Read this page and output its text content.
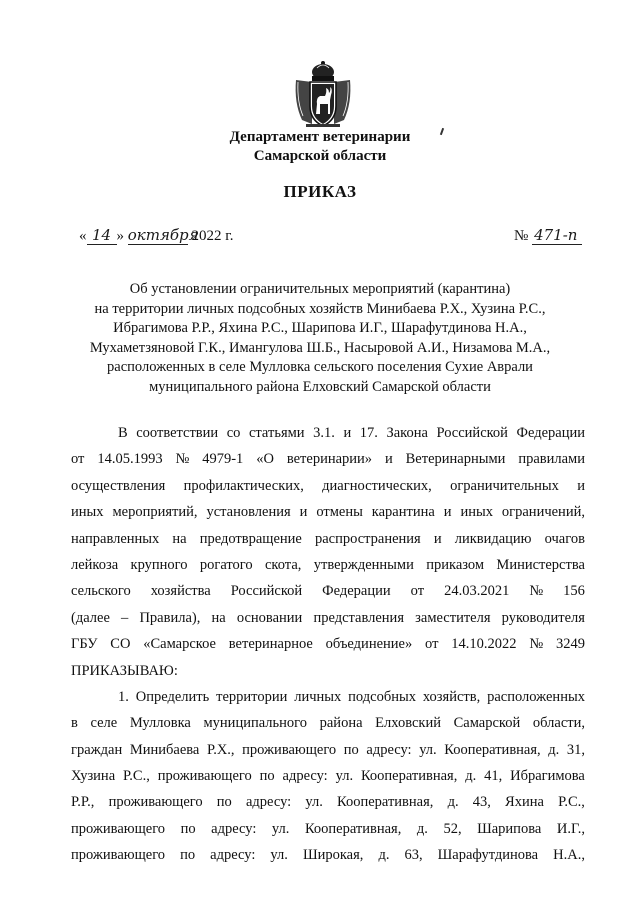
Департамент ветеринарии
Самарской области
ПРИКАЗ
« 14 » октября 2022 г.	№ 471-п
Об установлении ограничительных мероприятий (карантина)
на территории личных подсобных хозяйств Минибаева Р.Х., Хузина Р.С.,
Ибрагимова Р.Р., Яхина Р.С., Шарипова И.Г., Шарафутдинова Н.А.,
Мухаметзяновой Г.К., Имангулова Ш.Б., Насыровой А.И., Низамова М.А.,
расположенных в селе Мулловка сельского поселения Сухие Аврали
муниципального района Елховский Самарской области
В соответствии со статьями 3.1. и 17. Закона Российской Федерации
от 14.05.1993 № 4979-1 «О ветеринарии» и Ветеринарными правилами
осуществления профилактических, диагностических, ограничительных и
иных мероприятий, установления и отмены карантина и иных ограничений,
направленных на предотвращение распространения и ликвидацию очагов
лейкоза крупного рогатого скота, утвержденными приказом Министерства
сельского хозяйства Российской Федерации от 24.03.2021 № 156
(далее – Правила), на основании представления заместителя руководителя
ГБУ СО «Самарское ветеринарное объединение» от 14.10.2022 № 3249
ПРИКАЗЫВАЮ:
1. Определить территории личных подсобных хозяйств, расположенных
в селе Мулловка муниципального района Елховский Самарской области,
граждан Минибаева Р.Х., проживающего по адресу: ул. Кооперативная, д. 31,
Хузина Р.С., проживающего по адресу: ул. Кооперативная, д. 41, Ибрагимова
Р.Р., проживающего по адресу: ул. Кооперативная, д. 43, Яхина Р.С.,
проживающего по адресу: ул. Кооперативная, д. 52, Шарипова И.Г.,
проживающего по адресу: ул. Широкая, д. 63, Шарафутдинова Н.А.,
